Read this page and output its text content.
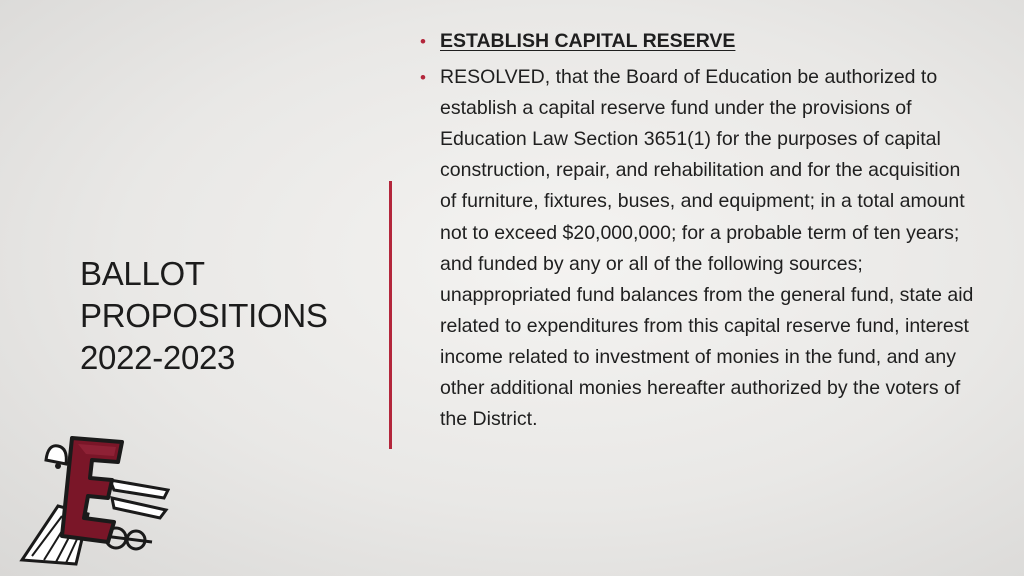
BALLOT
PROPOSITIONS
2022-2023
• ESTABLISH CAPITAL RESERVE
• RESOLVED, that the Board of Education be authorized to establish a capital reserve fund under the provisions of Education Law Section 3651(1) for the purposes of capital construction, repair, and rehabilitation and for the acquisition of furniture, fixtures, buses, and equipment; in a total amount not to exceed $20,000,000; for a probable term of ten years; and funded by any or all of the following sources; unappropriated fund balances from the general fund, state aid related to expenditures from this capital reserve fund, interest income related to investment of monies in the fund, and any other additional monies hereafter authorized by the voters of the District.
